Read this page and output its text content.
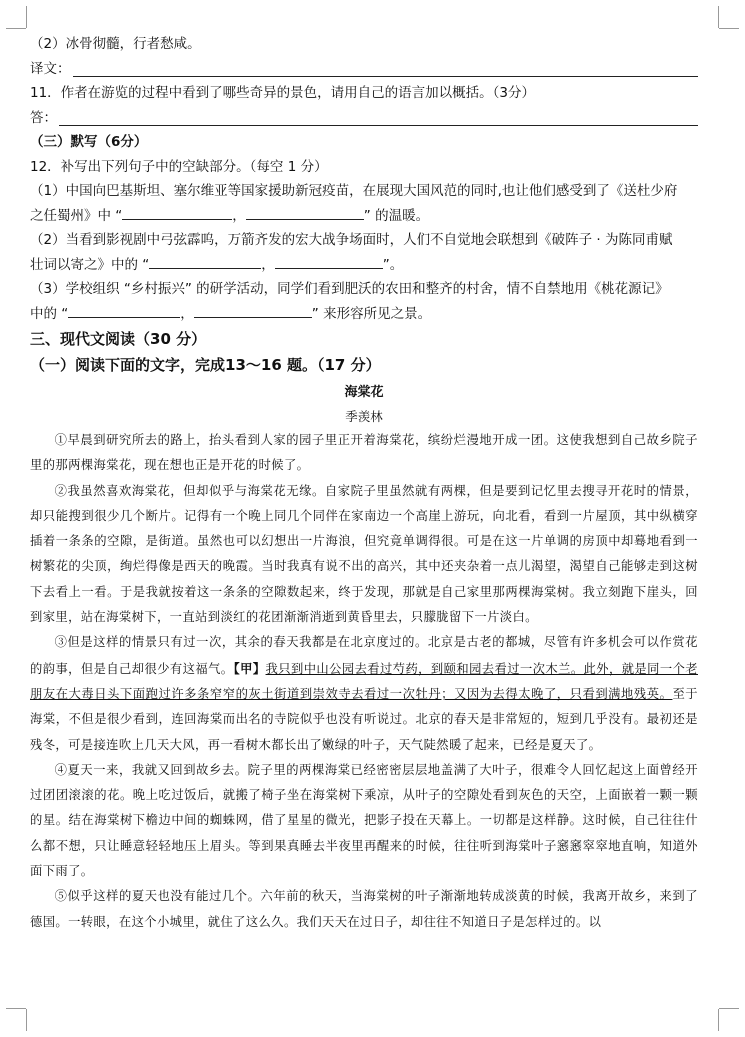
（2）冰骨彻髓，行者愁咸。
译文：
11．作者在游览的过程中看到了哪些奇异的景色，请用自己的语言加以概括。（3分）
答：
（三）默写（6分）
12．补写出下列句子中的空缺部分。（每空 1 分）
（1）中国向巴基斯坦、塞尔维亚等国家援助新冠疫苗，在展现大国风范的同时,也让他们感受到了《送杜少府
之任蜀州》中 “	，	” 的温暖。
（2）当看到影视剧中弓弦霹呜，万箭齐发的宏大战争场面时，人们不自觉地会联想到《破阵子 · 为陈同甫赋
壮词以寄之》中的 “	，	”。
（3）学校组织 “乡村振兴” 的研学活动，同学们看到肥沃的农田和整齐的村舍，情不自禁地用《桃花源记》
中的 “	，	” 来形容所见之景。
三、现代文阅读（30 分）
（一）阅读下面的文字，完成13～16 题。（17 分）
海棠花
季羡林

①早晨到研究所去的路上，抬头看到人家的园子里正开着海棠花，缤纷烂漫地开成一团。这使我想到自己故乡院子里的那两棵海棠花，现在想也正是开花的时候了。

②我虽然喜欢海棠花，但却似乎与海棠花无缘。自家院子里虽然就有两棵，但是要到记忆里去搜寻开花时的情景，却只能搜到很少几个断片。记得有一个晚上同几个同伴在家南边一个高崖上游玩，向北看，看到一片屋顶，其中纵横穿插着一条条的空隙，是街道。虽然也可以幻想出一片海浪，但究竟单调得很。可是在这一片单调的房顶中却蓦地看到一树繁花的尖顶，绚烂得像是西天的晚霞。当时我真有说不出的高兴，其中还夹杂着一点儿渴望，渴望自己能够走到这树下去看上一看。于是我就按着这一条条的空隙数起来，终于发现，那就是自己家里那两棵海棠树。我立刻跑下崖头，回到家里，站在海棠树下，一直站到淡红的花团渐渐消逝到黄昏里去，只朦胧留下一片淡白。

③但是这样的情景只有过一次，其余的春天我都是在北京度过的。北京是古老的都城，尽管有许多机会可以作赏花的韵事，但是自己却很少有这福气。【甲】我只到中山公园去看过芍药，到颐和园去看过一次木兰。此外，就是同一个老朋友在大毒日头下面跑过许多条窄窄的灰土街道到崇效寺去看过一次牡丹；又因为去得太晚了，只看到满地残英。至于海棠，不但是很少看到，连回海棠而出名的寺院似乎也没有听说过。北京的春天是非常短的，短到几乎没有。最初还是残冬，可是接连吹上几天大风，再一看树木都长出了嫩绿的叶子，天气陡然暖了起来，已经是夏天了。

④夏天一来，我就又回到故乡去。院子里的两棵海棠已经密密层层地盖满了大叶子，很难令人回忆起这上面曾经开过团团滚滚的花。晚上吃过饭后，就搬了椅子坐在海棠树下乘凉，从叶子的空隙处看到灰色的天空，上面嵌着一颗一颗的星。结在海棠树下檐边中间的蜘蛛网，借了星星的微光，把影子投在天幕上。一切都是这样静。这时候，自己往往什么都不想，只让睡意轻轻地压上眉头。等到果真睡去半夜里再醒来的时候，往往听到海棠叶子窸窸窣窣地直响，知道外面下雨了。

⑤似乎这样的夏天也没有能过几个。六年前的秋天，当海棠树的叶子渐渐地转成淡黄的时候，我离开故乡，来到了德国。一转眼，在这个小城里，就住了这么久。我们天天在过日子，却往往不知道日子是怎样过的。以
